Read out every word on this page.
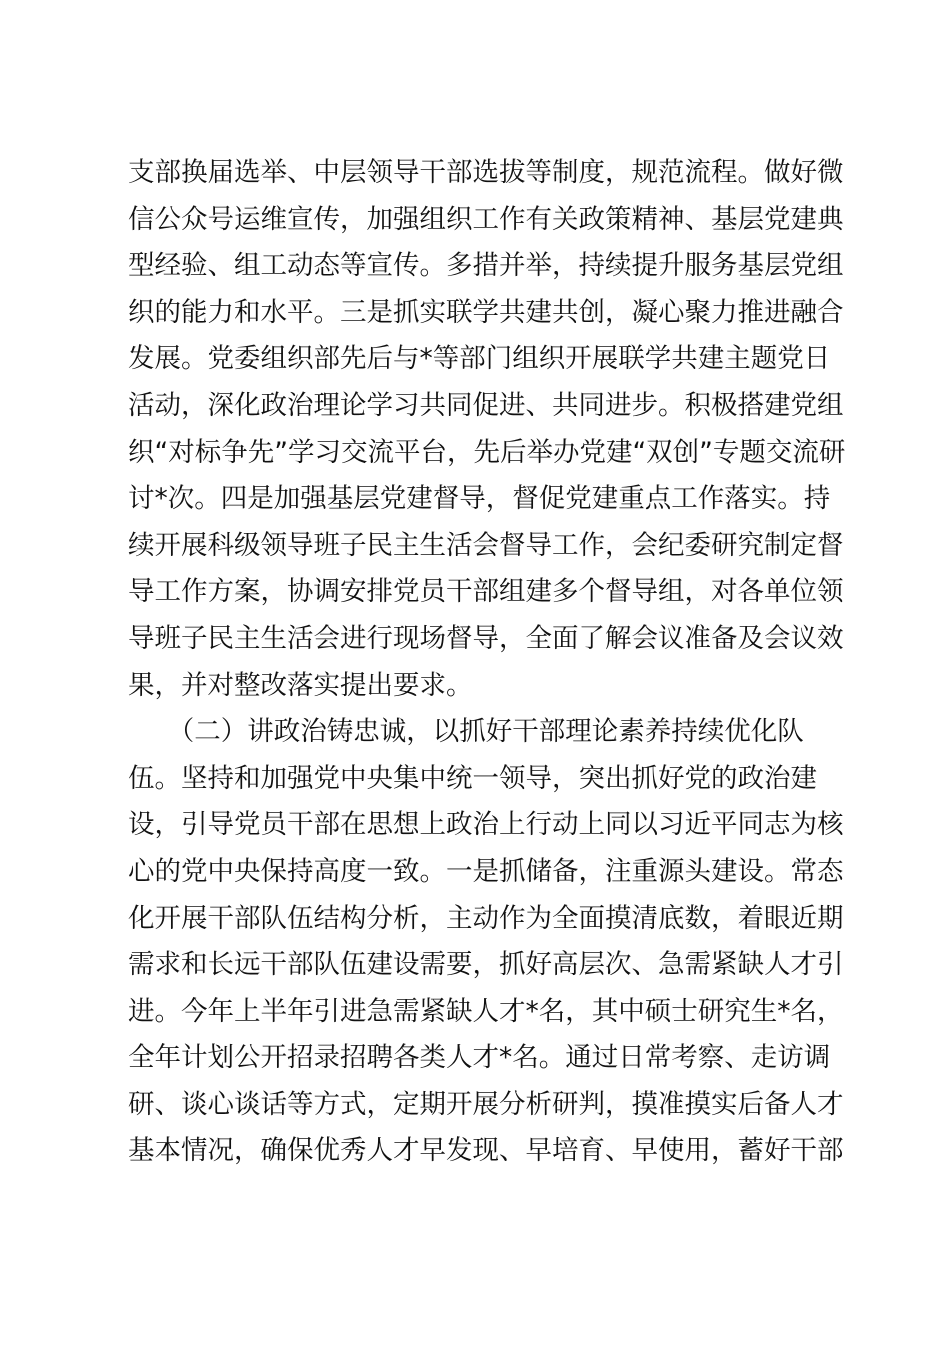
支部换届选举、中层领导干部选拔等制度，规范流程。做好微
信公众号运维宣传，加强组织工作有关政策精神、基层党建典
型经验、组工动态等宣传。多措并举，持续提升服务基层党组
织的能力和水平。三是抓实联学共建共创，凝心聚力推进融合
发展。党委组织部先后与*等部门组织开展联学共建主题党日
活动，深化政治理论学习共同促进、共同进步。积极搭建党组
织“对标争先”学习交流平台，先后举办党建“双创”专题交流研
讨*次。四是加强基层党建督导，督促党建重点工作落实。持
续开展科级领导班子民主生活会督导工作，会纪委研究制定督
导工作方案，协调安排党员干部组建多个督导组，对各单位领
导班子民主生活会进行现场督导，全面了解会议准备及会议效
果，并对整改落实提出要求。
　　（二）讲政治铸忠诚，以抓好干部理论素养持续优化队
伍。坚持和加强党中央集中统一领导，突出抓好党的政治建
设，引导党员干部在思想上政治上行动上同以习近平同志为核
心的党中央保持高度一致。一是抓储备，注重源头建设。常态
化开展干部队伍结构分析，主动作为全面摸清底数，着眼近期
需求和长远干部队伍建设需要，抓好高层次、急需紧缺人才引
进。今年上半年引进急需紧缺人才*名，其中硕士研究生*名，
全年计划公开招录招聘各类人才*名。通过日常考察、走访调
研、谈心谈话等方式，定期开展分析研判，摸准摸实后备人才
基本情况，确保优秀人才早发现、早培育、早使用，蓄好干部
